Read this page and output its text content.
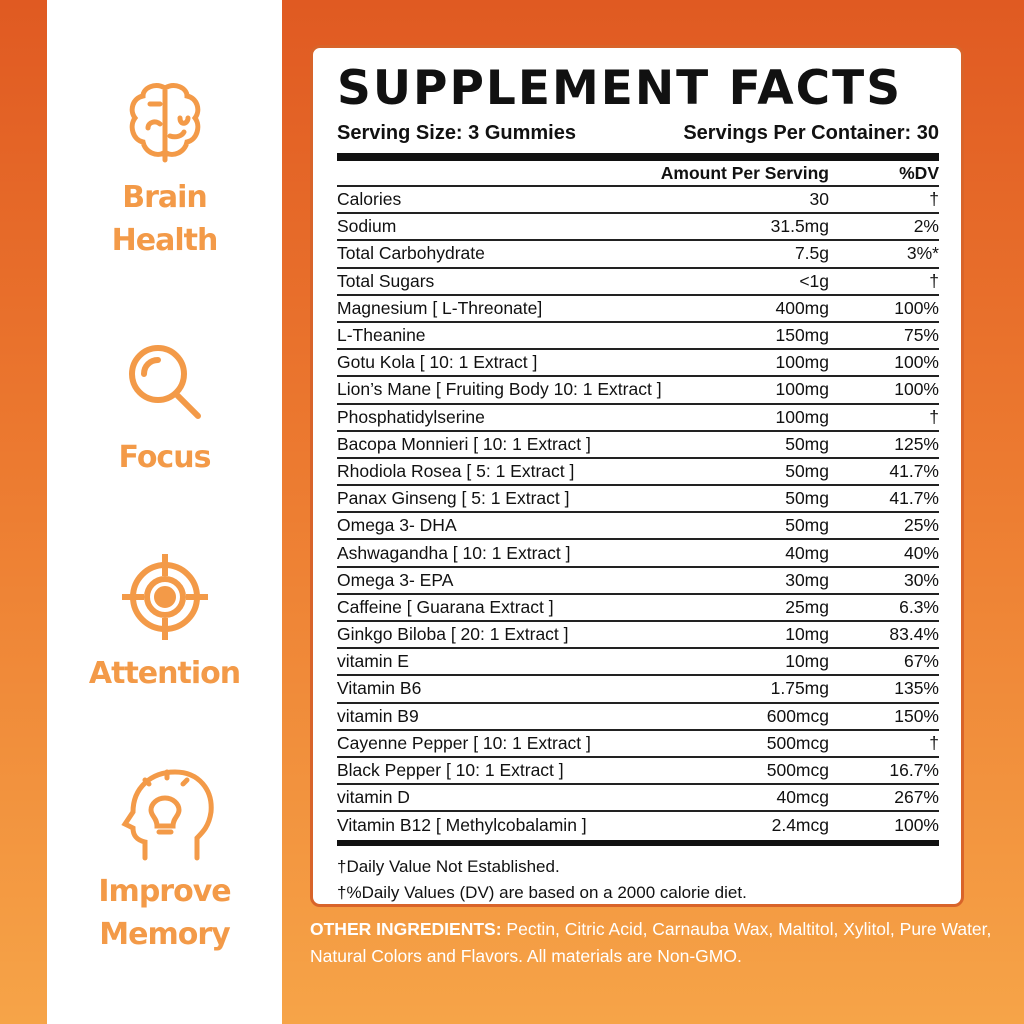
Brain
Health
Focus
Attention
Improve
Memory
SUPPLEMENT FACTS
Serving Size: 3 Gummies	Servings Per Container: 30
Amount Per Serving	%DV
Calories	30	†
Sodium	31.5mg	2%
Total Carbohydrate	7.5g	3%*
Total Sugars	<1g	†
Magnesium [ L-Threonate]	400mg	100%
L-Theanine	150mg	75%
Gotu Kola [ 10: 1 Extract ]	100mg	100%
Lion’s Mane [ Fruiting Body 10: 1 Extract ]	100mg	100%
Phosphatidylserine	100mg	†
Bacopa Monnieri [ 10: 1 Extract ]	50mg	125%
Rhodiola Rosea [ 5: 1 Extract ]	50mg	41.7%
Panax Ginseng [ 5: 1 Extract ]	50mg	41.7%
Omega 3- DHA	50mg	25%
Ashwagandha [ 10: 1 Extract ]	40mg	40%
Omega 3- EPA	30mg	30%
Caffeine [ Guarana Extract ]	25mg	6.3%
Ginkgo Biloba [ 20: 1 Extract ]	10mg	83.4%
vitamin E	10mg	67%
Vitamin B6	1.75mg	135%
vitamin B9	600mcg	150%
Cayenne Pepper [ 10: 1 Extract ]	500mcg	†
Black Pepper [ 10: 1 Extract ]	500mcg	16.7%
vitamin D	40mcg	267%
Vitamin B12 [ Methylcobalamin ]	2.4mcg	100%
†Daily Value Not Established.
†%Daily Values (DV) are based on a 2000 calorie diet.
OTHER INGREDIENTS: Pectin, Citric Acid, Carnauba Wax, Maltitol, Xylitol, Pure Water, Natural Colors and Flavors. All materials are Non-GMO.
